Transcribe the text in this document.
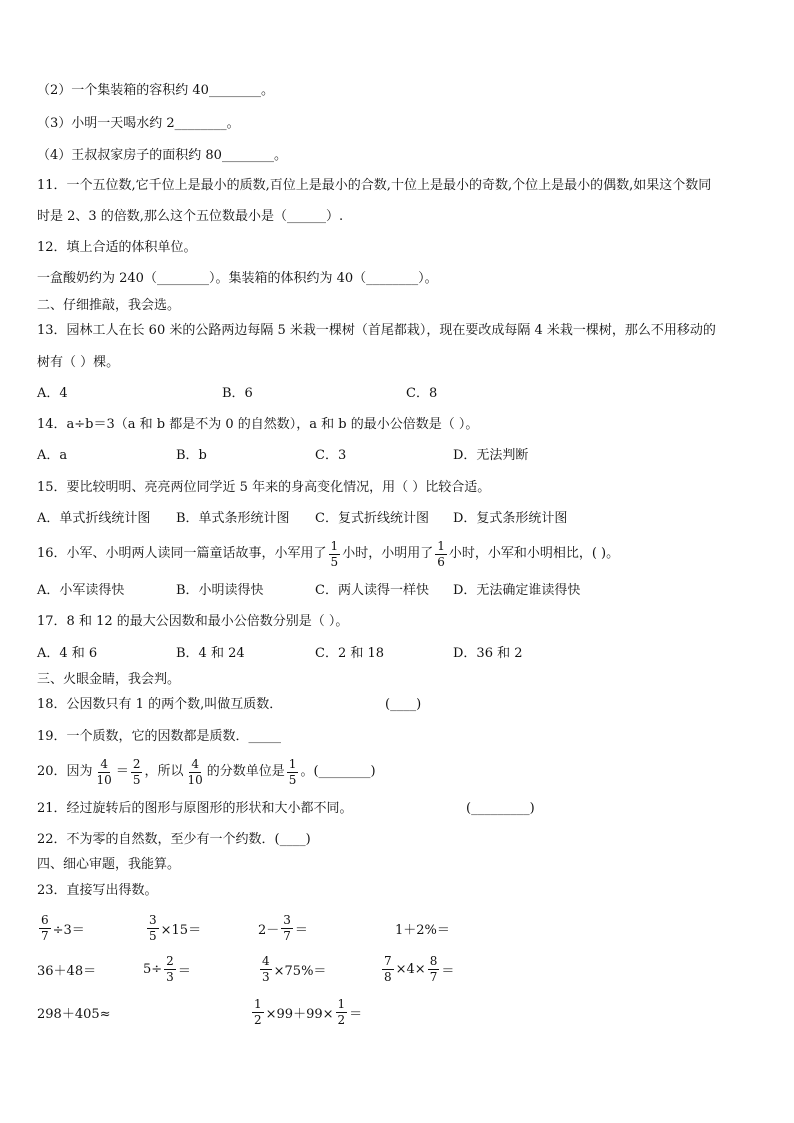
（2）一个集装箱的容积约 40________。
（3）小明一天喝水约 2________。
（4）王叔叔家房子的面积约 80________。
11．一个五位数,它千位上是最小的质数,百位上是最小的合数,十位上是最小的奇数,个位上是最小的偶数,如果这个数同
时是 2、3 的倍数,那么这个五位数最小是（______）.
12．填上合适的体积单位。
一盒酸奶约为 240（________）。集装箱的体积约为 40（________）。
二、仔细推敲，我会选。
13．园林工人在长 60 米的公路两边每隔 5 米栽一棵树（首尾都栽），现在要改成每隔 4 米栽一棵树，那么不用移动的
树有（ ）棵。
A．4	B．6	C．8
14．a÷b＝3（a 和 b 都是不为 0 的自然数），a 和 b 的最小公倍数是（ ）。
A．a	B．b	C．3	D．无法判断
15．要比较明明、亮亮两位同学近 5 年来的身高变化情况，用（ ）比较合适。
A．单式折线统计图 B．单式条形统计图 C．复式折线统计图 D．复式条形统计图
16．小军、小明两人读同一篇童话故事，小军用了 $\frac{1}{5}$ 小时，小明用了 $\frac{1}{6}$ 小时，小军和小明相比，( )。
A．小军读得快	B．小明读得快	C．两人读得一样快 D．无法确定谁读得快
17．8 和 12 的最大公因数和最小公倍数分别是（ ）。
A．4 和 6	B．4 和 24	C．2 和 18	D．36 和 2
三、火眼金睛，我会判。
18．公因数只有 1 的两个数,叫做互质数．	(____)
19．一个质数，它的因数都是质数．_____
20．因为 $\frac{4}{10} = \frac{2}{5}$ ，所以 $\frac{4}{10}$ 的分数单位是 $\frac{1}{5}$ 。(________)
21．经过旋转后的图形与原图形的形状和大小都不同。	(_________)
22．不为零的自然数，至少有一个约数．(____)
四、细心审题，我能算。
23．直接写出得数。
$\frac{6}{7} \div 3=$	$\frac{3}{5} \times 15=$	$2- \frac{3}{7}$ ＝	1＋2%＝
36＋48＝	$5\div \frac{2}{3}$ ＝	$\frac{4}{3} \times 75\%=$	$\frac{7}{8} \times 4\times \frac{8}{7}$ ＝
298＋405≈	$\frac{1}{2} \times 99+99\times \frac{1}{2}$ ＝
